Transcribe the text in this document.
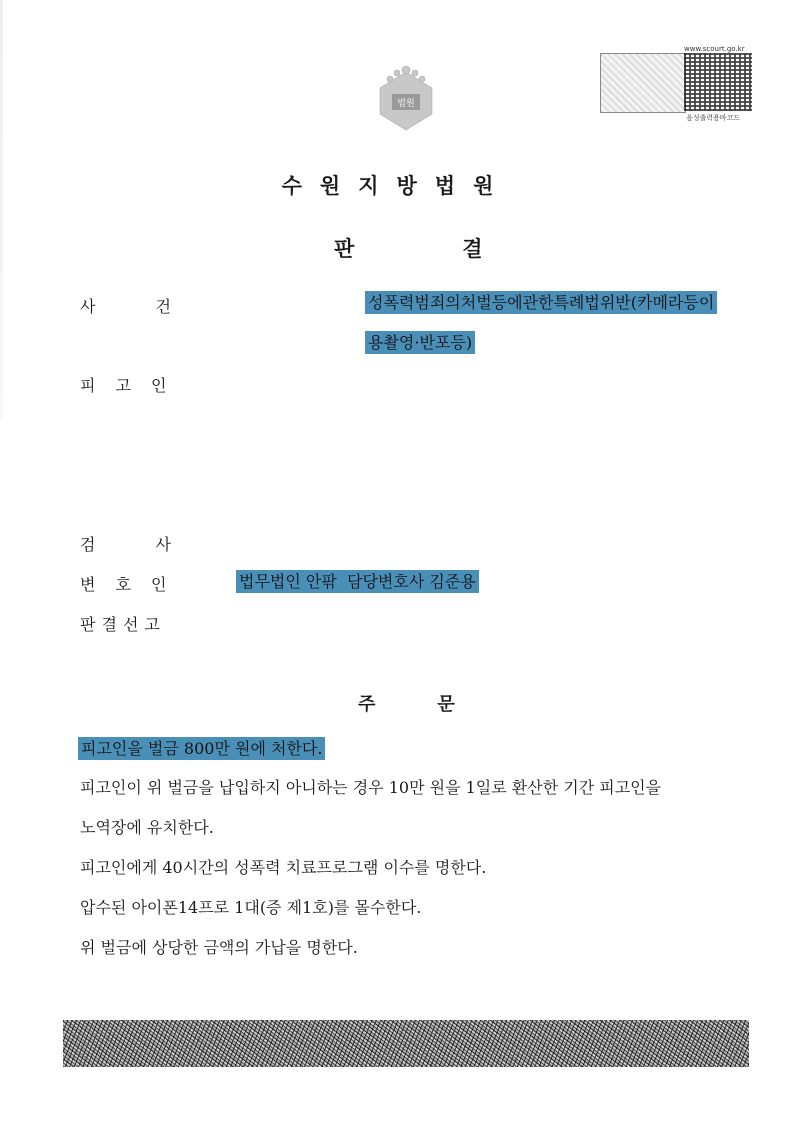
법원
www.scourt.go.kr
음성출력용바코드
수원지방법원
판	결
사	건	성폭력범죄의처벌등에관한특례법위반(카메라등이
용촬영·반포등)
피 고 인
검	사
변 호 인	법무법인 안팎  담당변호사 김준용
판 결 선 고
주	문
피고인을 벌금 800만 원에 처한다.
피고인이 위 벌금을 납입하지 아니하는 경우 10만 원을 1일로 환산한 기간 피고인을
노역장에 유치한다.
피고인에게 40시간의 성폭력 치료프로그램 이수를 명한다.
압수된 아이폰14프로 1대(증 제1호)를 몰수한다.
위 벌금에 상당한 금액의 가납을 명한다.
